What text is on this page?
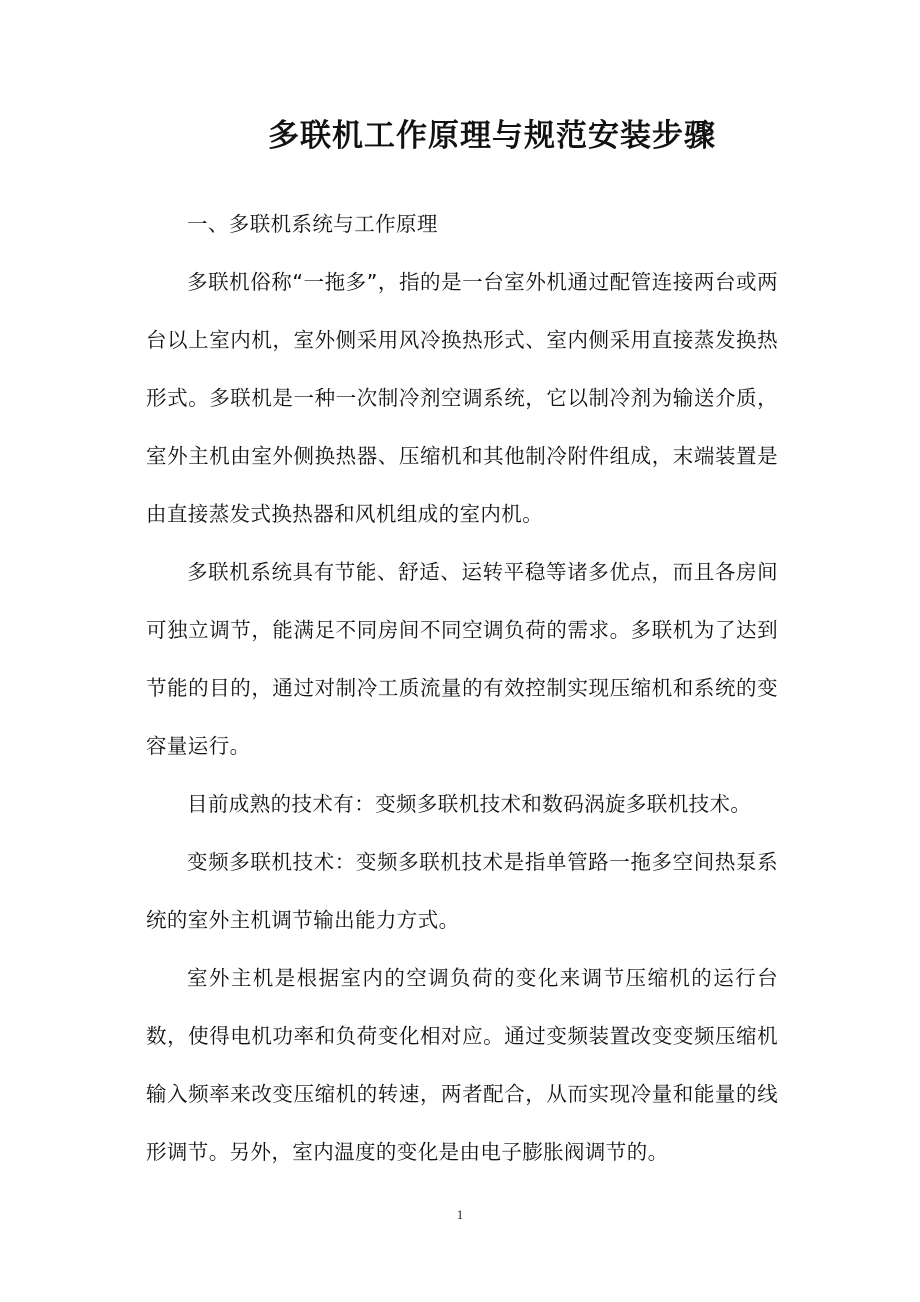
多联机工作原理与规范安装步骤

一、多联机系统与工作原理

多联机俗称“一拖多”，指的是一台室外机通过配管连接两台或两台以上室内机，室外侧采用风冷换热形式、室内侧采用直接蒸发换热形式。多联机是一种一次制冷剂空调系统，它以制冷剂为输送介质，室外主机由室外侧换热器、压缩机和其他制冷附件组成，末端装置是由直接蒸发式换热器和风机组成的室内机。

多联机系统具有节能、舒适、运转平稳等诸多优点，而且各房间可独立调节，能满足不同房间不同空调负荷的需求。多联机为了达到节能的目的，通过对制冷工质流量的有效控制实现压缩机和系统的变容量运行。

目前成熟的技术有：变频多联机技术和数码涡旋多联机技术。

变频多联机技术：变频多联机技术是指单管路一拖多空间热泵系统的室外主机调节输出能力方式。

室外主机是根据室内的空调负荷的变化来调节压缩机的运行台数，使得电机功率和负荷变化相对应。通过变频装置改变变频压缩机输入频率来改变压缩机的转速，两者配合，从而实现冷量和能量的线形调节。另外，室内温度的变化是由电子膨胀阀调节的。

1
